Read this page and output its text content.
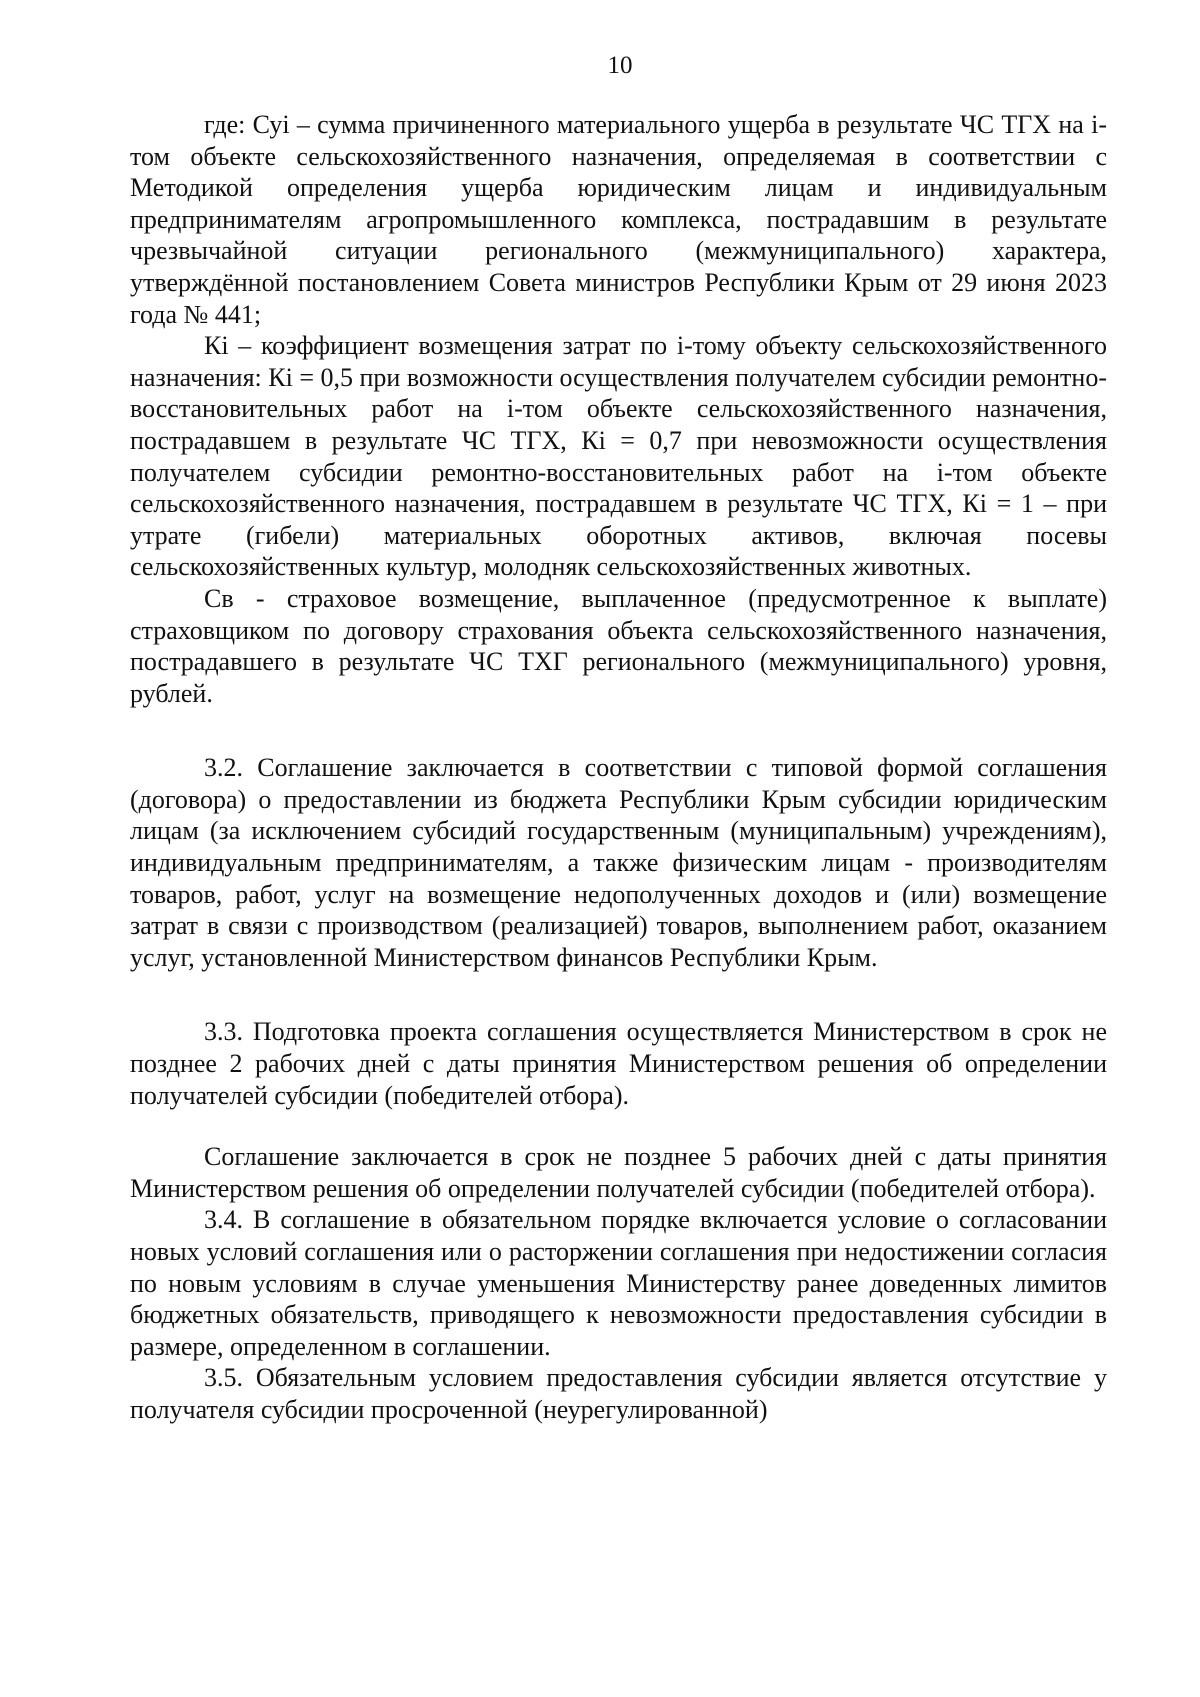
10

где: Суi – сумма причиненного материального ущерба в результате ЧС ТГХ на i-том объекте сельскохозяйственного назначения, определяемая в соответствии с Методикой определения ущерба юридическим лицам и индивидуальным предпринимателям агропромышленного комплекса, пострадавшим в результате чрезвычайной ситуации регионального (межмуниципального) характера, утверждённой постановлением Совета министров Республики Крым от 29 июня 2023 года № 441;

Кi – коэффициент возмещения затрат по i-тому объекту сельскохозяйственного назначения: Кi = 0,5 при возможности осуществления получателем субсидии ремонтно-восстановительных работ на i-том объекте сельскохозяйственного назначения, пострадавшем в результате ЧС ТГХ, Кi = 0,7 при невозможности осуществления получателем субсидии ремонтно-восстановительных работ на i-том объекте сельскохозяйственного назначения, пострадавшем в результате ЧС ТГХ, Кi = 1 – при утрате (гибели) материальных оборотных активов, включая посевы сельскохозяйственных культур, молодняк сельскохозяйственных животных.

Св - страховое возмещение, выплаченное (предусмотренное к выплате) страховщиком по договору страхования объекта сельскохозяйственного назначения, пострадавшего в результате ЧС ТХГ регионального (межмуниципального) уровня, рублей.

3.2. Соглашение заключается в соответствии с типовой формой соглашения (договора) о предоставлении из бюджета Республики Крым субсидии юридическим лицам (за исключением субсидий государственным (муниципальным) учреждениям), индивидуальным предпринимателям, а также физическим лицам - производителям товаров, работ, услуг на возмещение недополученных доходов и (или) возмещение затрат в связи с производством (реализацией) товаров, выполнением работ, оказанием услуг, установленной Министерством финансов Республики Крым.

3.3. Подготовка проекта соглашения осуществляется Министерством в срок не позднее 2 рабочих дней с даты принятия Министерством решения об определении получателей субсидии (победителей отбора).

Соглашение заключается в срок не позднее 5 рабочих дней с даты принятия Министерством решения об определении получателей субсидии (победителей отбора).

3.4. В соглашение в обязательном порядке включается условие о согласовании новых условий соглашения или о расторжении соглашения при недостижении согласия по новым условиям в случае уменьшения Министерству ранее доведенных лимитов бюджетных обязательств, приводящего к невозможности предоставления субсидии в размере, определенном в соглашении.

3.5. Обязательным условием предоставления субсидии является отсутствие у получателя субсидии просроченной (неурегулированной)
